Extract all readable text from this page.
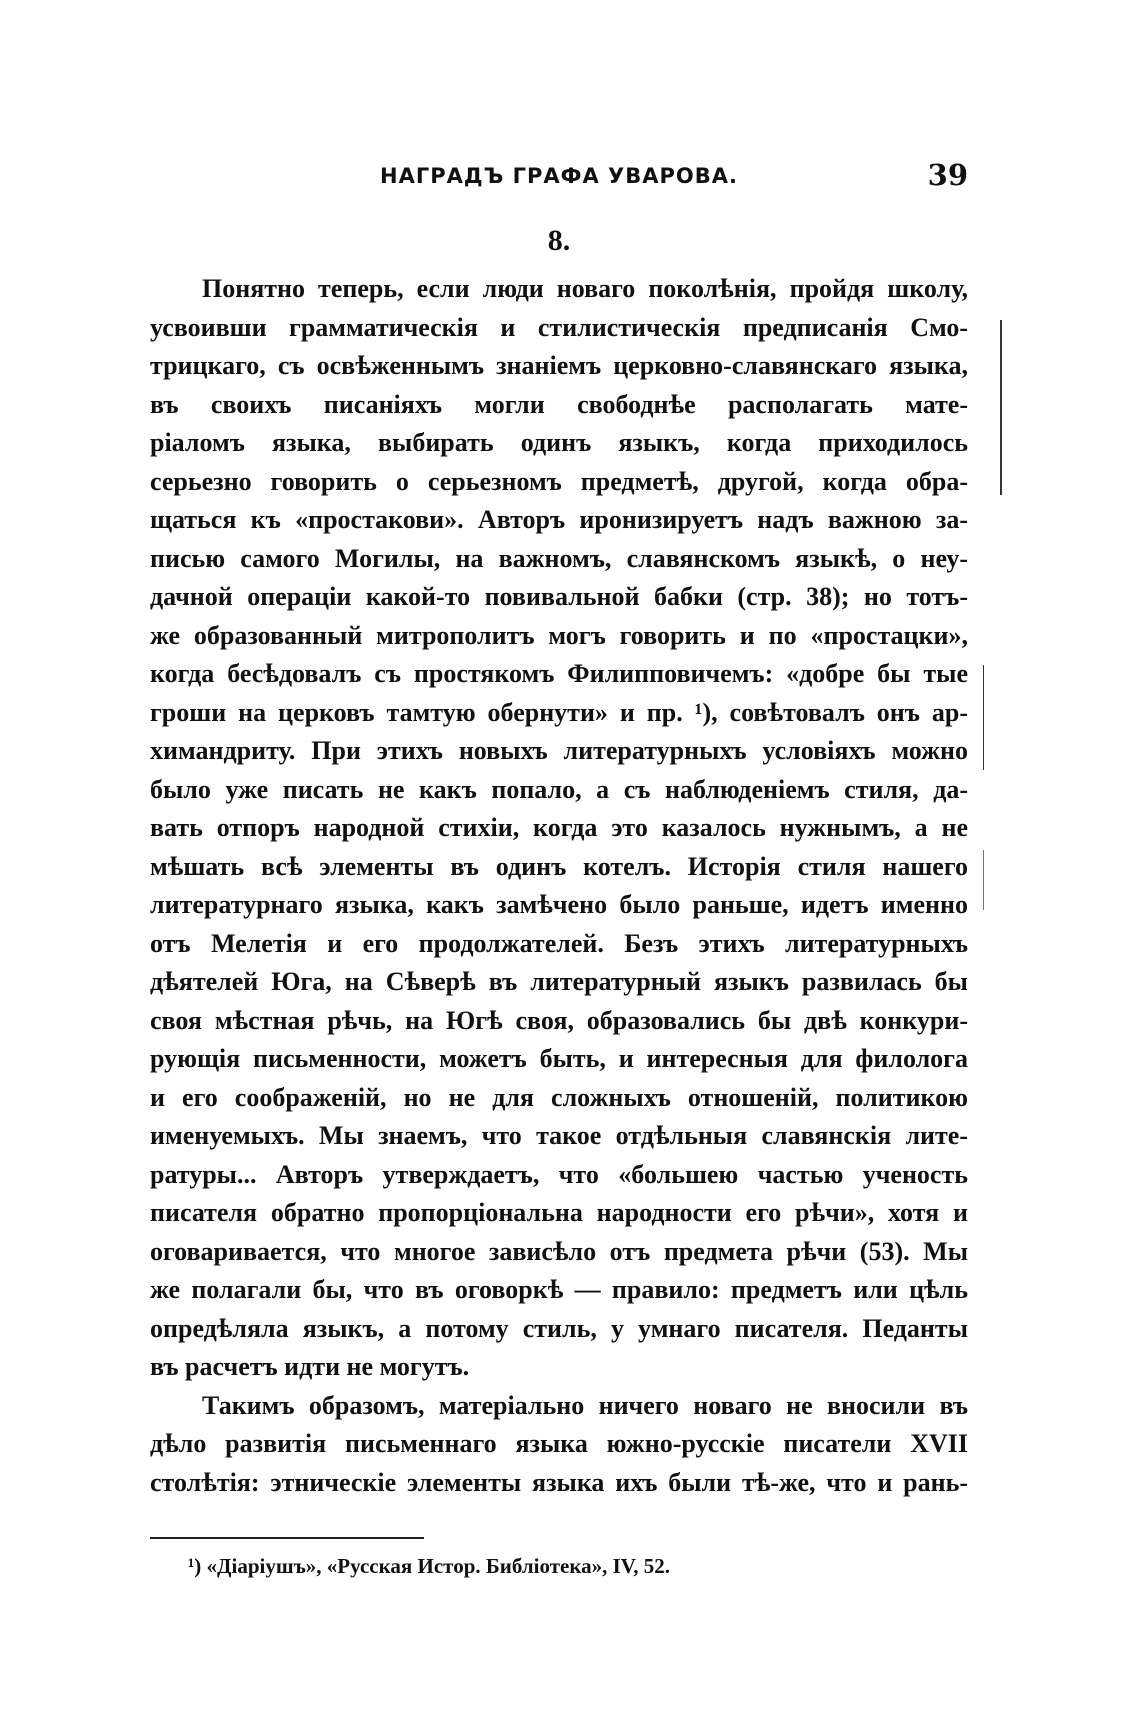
НАГРАДЪ ГРАФА УВАРОВА.	39
8.
Понятно теперь, если люди новаго поколѣнія, пройдя школу,
усвоивши грамматическія и стилистическія предписанія Смо-
трицкаго, съ освѣженнымъ знаніемъ церковно-славянскаго языка,
въ своихъ писаніяхъ могли свободнѣе располагать мате-
ріаломъ языка, выбирать одинъ языкъ, когда приходилось
серьезно говорить о серьезномъ предметѣ, другой, когда обра-
щаться къ «простакови». Авторъ иронизируетъ надъ важною за-
писью самого Могилы, на важномъ, славянскомъ языкѣ, о неу-
дачной операціи какой-то повивальной бабки (стр. 38); но тотъ-
же образованный митрополитъ могъ говорить и по «простацки»,
когда бесѣдовалъ съ простякомъ Филипповичемъ: «добре бы тые
гроши на церковъ тамтую обернути» и пр. ¹), совѣтовалъ онъ ар-
химандриту. При этихъ новыхъ литературныхъ условіяхъ можно
было уже писать не какъ попало, а съ наблюденіемъ стиля, да-
вать отпоръ народной стихіи, когда это казалось нужнымъ, а не
мѣшать всѣ элементы въ одинъ котелъ. Исторія стиля нашего
литературнаго языка, какъ замѣчено было раньше, идетъ именно
отъ Мелетія и его продолжателей. Безъ этихъ литературныхъ
дѣятелей Юга, на Сѣверѣ въ литературный языкъ развилась бы
своя мѣстная рѣчь, на Югѣ своя, образовались бы двѣ конкури-
рующія письменности, можетъ быть, и интересныя для филолога
и его соображеній, но не для сложныхъ отношеній, политикою
именуемыхъ. Мы знаемъ, что такое отдѣльныя славянскія лите-
ратуры... Авторъ утверждаетъ, что «большею частью ученость
писателя обратно пропорціональна народности его рѣчи», хотя и
оговаривается, что многое зависѣло отъ предмета рѣчи (53). Мы
же полагали бы, что въ оговоркѣ — правило: предметъ или цѣль
опредѣляла языкъ, а потому стиль, у умнаго писателя. Педанты
въ расчетъ идти не могутъ.
Такимъ образомъ, матеріально ничего новаго не вносили въ
дѣло развитія письменнаго языка южно-русскіе писатели XVII
столѣтія: этническіе элементы языка ихъ были тѣ-же, что и рань-
¹) «Діаріушъ», «Русская Истор. Библіотека», IV, 52.
